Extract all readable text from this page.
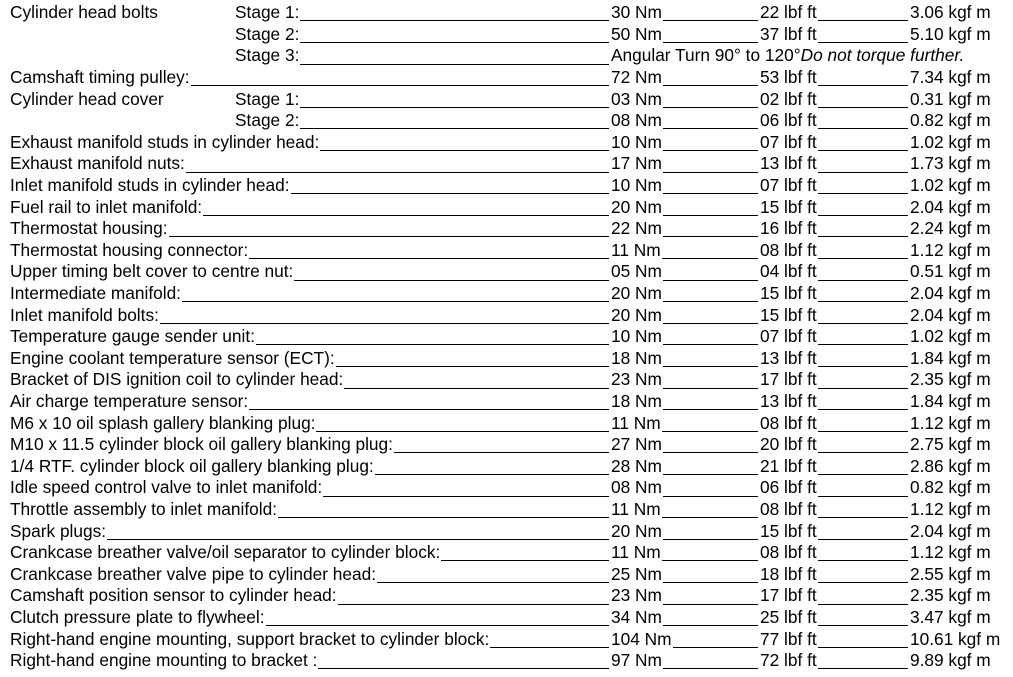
Cylinder head bolts	Stage 1:	30 Nm	22 lbf ft	3.06 kgf m
Stage 2:	50 Nm	37 lbf ft	5.10 kgf m
Stage 3:	Angular Turn 90° to 120°Do not torque further.
Camshaft timing pulley:	72 Nm	53 lbf ft	7.34 kgf m
Cylinder head cover	Stage 1:	03 Nm	02 lbf ft	0.31 kgf m
Stage 2:	08 Nm	06 lbf ft	0.82 kgf m
Exhaust manifold studs in cylinder head:	10 Nm	07 lbf ft	1.02 kgf m
Exhaust manifold nuts:	17 Nm	13 lbf ft	1.73 kgf m
Inlet manifold studs in cylinder head:	10 Nm	07 lbf ft	1.02 kgf m
Fuel rail to inlet manifold:	20 Nm	15 lbf ft	2.04 kgf m
Thermostat housing:	22 Nm	16 lbf ft	2.24 kgf m
Thermostat housing connector:	11 Nm	08 lbf ft	1.12 kgf m
Upper timing belt cover to centre nut:	05 Nm	04 lbf ft	0.51 kgf m
Intermediate manifold:	20 Nm	15 lbf ft	2.04 kgf m
Inlet manifold bolts:	20 Nm	15 lbf ft	2.04 kgf m
Temperature gauge sender unit:	10 Nm	07 lbf ft	1.02 kgf m
Engine coolant temperature sensor (ECT):	18 Nm	13 lbf ft	1.84 kgf m
Bracket of DIS ignition coil to cylinder head:	23 Nm	17 lbf ft	2.35 kgf m
Air charge temperature sensor:	18 Nm	13 lbf ft	1.84 kgf m
M6 x 10 oil splash gallery blanking plug:	11 Nm	08 lbf ft	1.12 kgf m
M10 x 11.5 cylinder block oil gallery blanking plug:	27 Nm	20 lbf ft	2.75 kgf m
1/4 RTF. cylinder block oil gallery blanking plug:	28 Nm	21 lbf ft	2.86 kgf m
Idle speed control valve to inlet manifold:	08 Nm	06 lbf ft	0.82 kgf m
Throttle assembly to inlet manifold:	11 Nm	08 lbf ft	1.12 kgf m
Spark plugs:	20 Nm	15 lbf ft	2.04 kgf m
Crankcase breather valve/oil separator to cylinder block:	11 Nm	08 lbf ft	1.12 kgf m
Crankcase breather valve pipe to cylinder head:	25 Nm	18 lbf ft	2.55 kgf m
Camshaft position sensor to cylinder head:	23 Nm	17 lbf ft	2.35 kgf m
Clutch pressure plate to flywheel:	34 Nm	25 lbf ft	3.47 kgf m
Right-hand engine mounting, support bracket to cylinder block:	104 Nm	77 lbf ft	10.61 kgf m
Right-hand engine mounting to bracket :	97 Nm	72 lbf ft	9.89 kgf m
